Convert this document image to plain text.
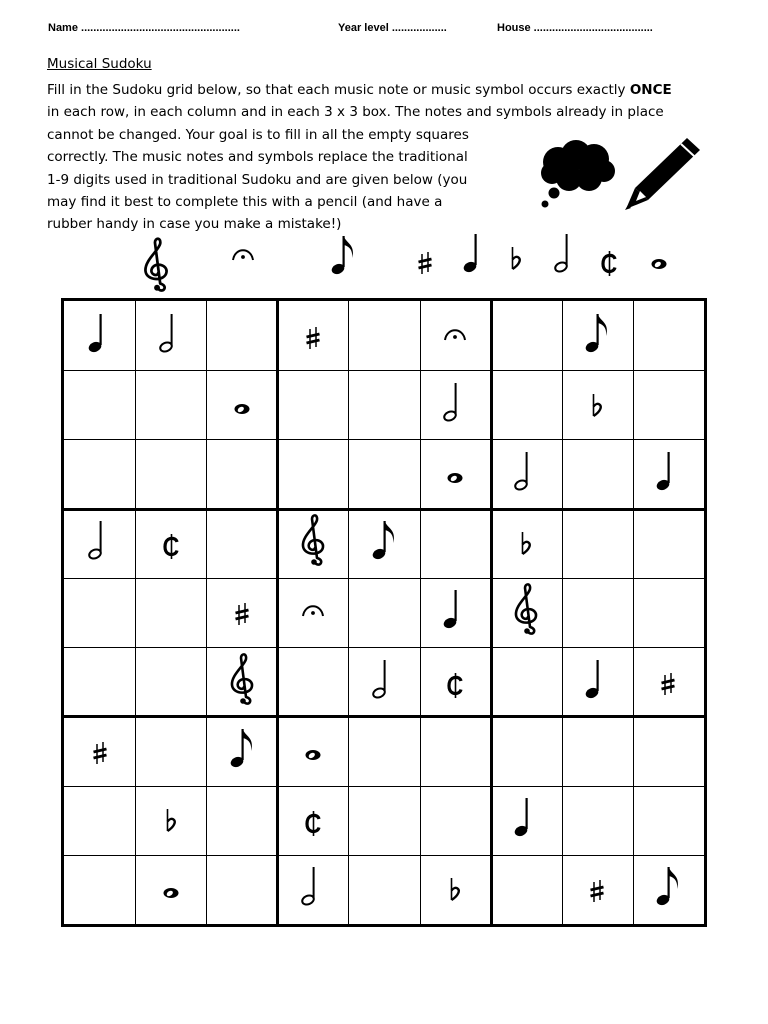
Name ....................................................	Year level ..................	House .......................................
Musical Sudoku
Fill in the Sudoku grid below, so that each music note or music symbol occurs exactly ONCE
in each row, in each column and in each 3 x 3 box. The notes and symbols already in place
cannot be changed. Your goal is to fill in all the empty squares
correctly. The music notes and symbols replace the traditional
1-9 digits used in traditional Sudoku and are given below (you
may find it best to complete this with a pencil (and have a
rubber handy in case you make a mistake!)
